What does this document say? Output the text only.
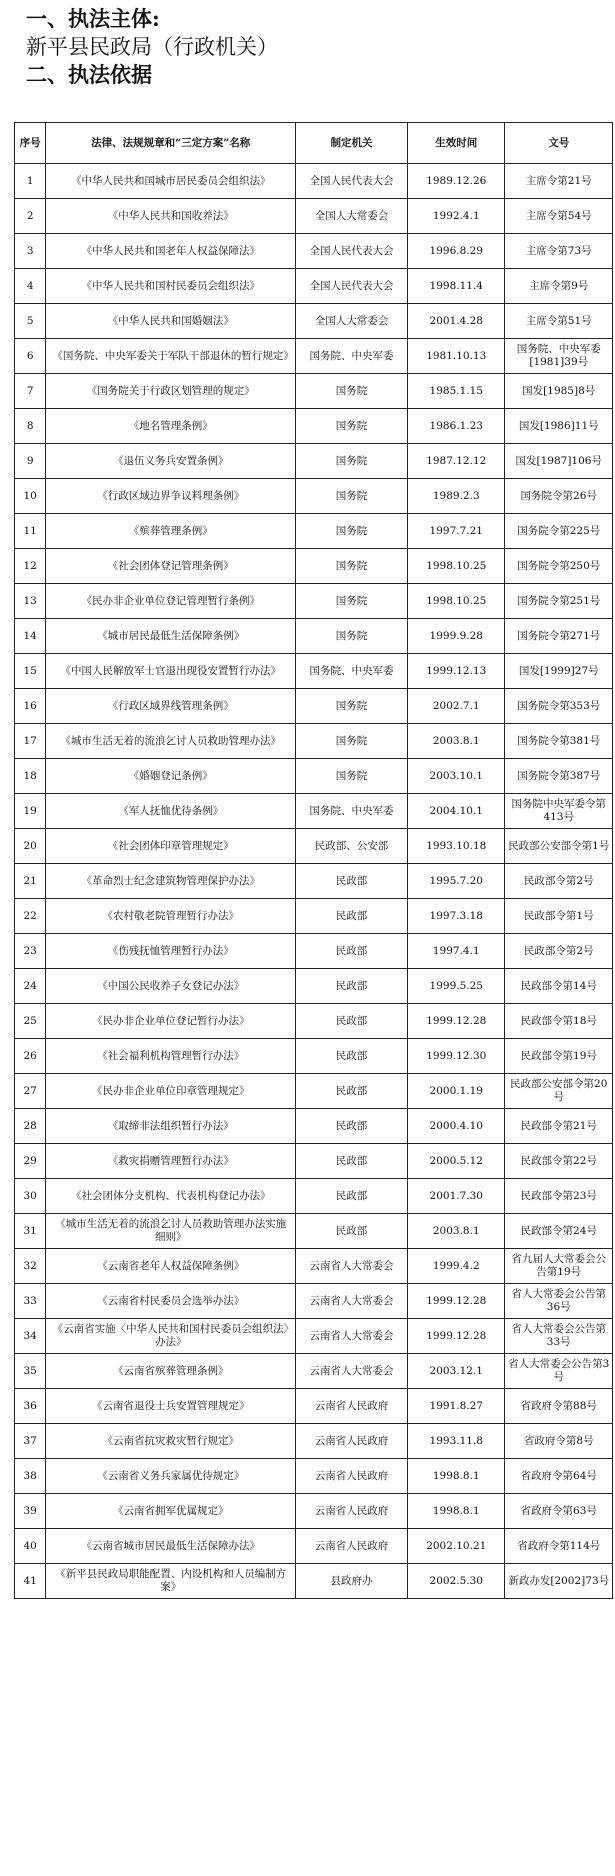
一、执法主体:
新平县民政局（行政机关）
二、执法依据
序号	法律、法规规章和“三定方案”名称	制定机关	生效时间	文号
1	《中华人民共和国城市居民委员会组织法》	全国人民代表大会	1989.12.26	主席令第21号
2	《中华人民共和国收养法》	全国人大常委会	1992.4.1	主席令第54号
3	《中华人民共和国老年人权益保障法》	全国人民代表大会	1996.8.29	主席令第73号
4	《中华人民共和国村民委员会组织法》	全国人民代表大会	1998.11.4	主席令第9号
5	《中华人民共和国婚姻法》	全国人大常委会	2001.4.28	主席令第51号
6	《国务院、中央军委关于军队干部退休的暂行规定》	国务院、中央军委	1981.10.13	国务院、中央军委[1981]39号
7	《国务院关于行政区划管理的规定》	国务院	1985.1.15	国发[1985]8号
8	《地名管理条例》	国务院	1986.1.23	国发[1986]11号
9	《退伍义务兵安置条例》	国务院	1987.12.12	国发[1987]106号
10	《行政区域边界争议料理条例》	国务院	1989.2.3	国务院令第26号
11	《殡葬管理条例》	国务院	1997.7.21	国务院令第225号
12	《社会团体登记管理条例》	国务院	1998.10.25	国务院令第250号
13	《民办非企业单位登记管理暂行条例》	国务院	1998.10.25	国务院令第251号
14	《城市居民最低生活保障条例》	国务院	1999.9.28	国务院令第271号
15	《中国人民解放军士官退出现役安置暂行办法》	国务院、中央军委	1999.12.13	国发[1999]27号
16	《行政区域界线管理条例》	国务院	2002.7.1	国务院令第353号
17	《城市生活无着的流浪乞讨人员救助管理办法》	国务院	2003.8.1	国务院令第381号
18	《婚姻登记条例》	国务院	2003.10.1	国务院令第387号
19	《军人抚恤优待条例》	国务院、中央军委	2004.10.1	国务院中央军委令第413号
20	《社会团体印章管理规定》	民政部、公安部	1993.10.18	民政部公安部令第1号
21	《革命烈士纪念建筑物管理保护办法》	民政部	1995.7.20	民政部令第2号
22	《农村敬老院管理暂行办法》	民政部	1997.3.18	民政部令第1号
23	《伤残抚恤管理暂行办法》	民政部	1997.4.1	民政部令第2号
24	《中国公民收养子女登记办法》	民政部	1999.5.25	民政部令第14号
25	《民办非企业单位登记暂行办法》	民政部	1999.12.28	民政部令第18号
26	《社会福利机构管理暂行办法》	民政部	1999.12.30	民政部令第19号
27	《民办非企业单位印章管理规定》	民政部	2000.1.19	民政部公安部令第20号
28	《取缔非法组织暂行办法》	民政部	2000.4.10	民政部令第21号
29	《救灾捐赠管理暂行办法》	民政部	2000.5.12	民政部令第22号
30	《社会团体分支机构、代表机构登记办法》	民政部	2001.7.30	民政部令第23号
31	《城市生活无着的流浪乞讨人员救助管理办法实施细则》	民政部	2003.8.1	民政部令第24号
32	《云南省老年人权益保障条例》	云南省人大常委会	1999.4.2	省九届人大常委会公告第19号
33	《云南省村民委员会选举办法》	云南省人大常委会	1999.12.28	省人大常委会公告第36号
34	《云南省实施〈中华人民共和国村民委员会组织法〉办法》	云南省人大常委会	1999.12.28	省人大常委会公告第33号
35	《云南省殡葬管理条例》	云南省人大常委会	2003.12.1	省人大常委会公告第3号
36	《云南省退役士兵安置管理规定》	云南省人民政府	1991.8.27	省政府令第88号
37	《云南省抗灾救灾暂行规定》	云南省人民政府	1993.11.8	省政府令第8号
38	《云南省义务兵家属优待规定》	云南省人民政府	1998.8.1	省政府令第64号
39	《云南省拥军优属规定》	云南省人民政府	1998.8.1	省政府令第63号
40	《云南省城市居民最低生活保障办法》	云南省人民政府	2002.10.21	省政府令第114号
41	《新平县民政局职能配置、内设机构和人员编制方案》	县政府办	2002.5.30	新政办发[2002]73号
